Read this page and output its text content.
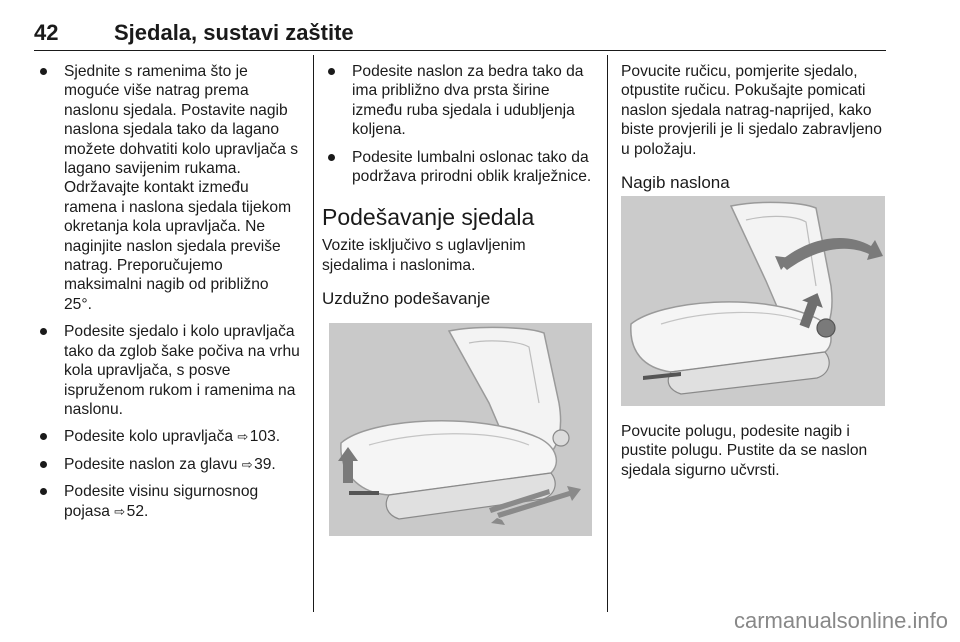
42	Sjedala, sustavi zaštite
Sjednite s ramenima što je moguće više natrag prema naslonu sjedala. Postavite nagib naslona sjedala tako da lagano možete dohvatiti kolo upravljača s lagano savijenim rukama. Održavajte kontakt između ramena i naslona sjedala tijekom okretanja kola upravljača. Ne naginjite naslon sjedala previše natrag. Preporučujemo maksimalni nagib od približno 25°.
Podesite sjedalo i kolo upravljača tako da zglob šake počiva na vrhu kola upravljača, s posve ispruženom rukom i ramenima na naslonu.
Podesite kolo upravljača ⇨ 103.
Podesite naslon za glavu ⇨ 39.
Podesite visinu sigurnosnog pojasa ⇨ 52.
Podesite naslon za bedra tako da ima približno dva prsta širine između ruba sjedala i udubljenja koljena.
Podesite lumbalni oslonac tako da podržava prirodni oblik kralježnice.
Podešavanje sjedala

Vozite isključivo s uglavljenim sjedalima i naslonima.

Uzdužno podešavanje

Povucite ručicu, pomjerite sjedalo, otpustite ručicu. Pokušajte pomicati naslon sjedala natrag-naprijed, kako biste provjerili je li sjedalo zabravljeno u položaju.

Nagib naslona
Povucite polugu, podesite nagib i pustite polugu. Pustite da se naslon sjedala sigurno učvrsti.
carmanualsonline.info
